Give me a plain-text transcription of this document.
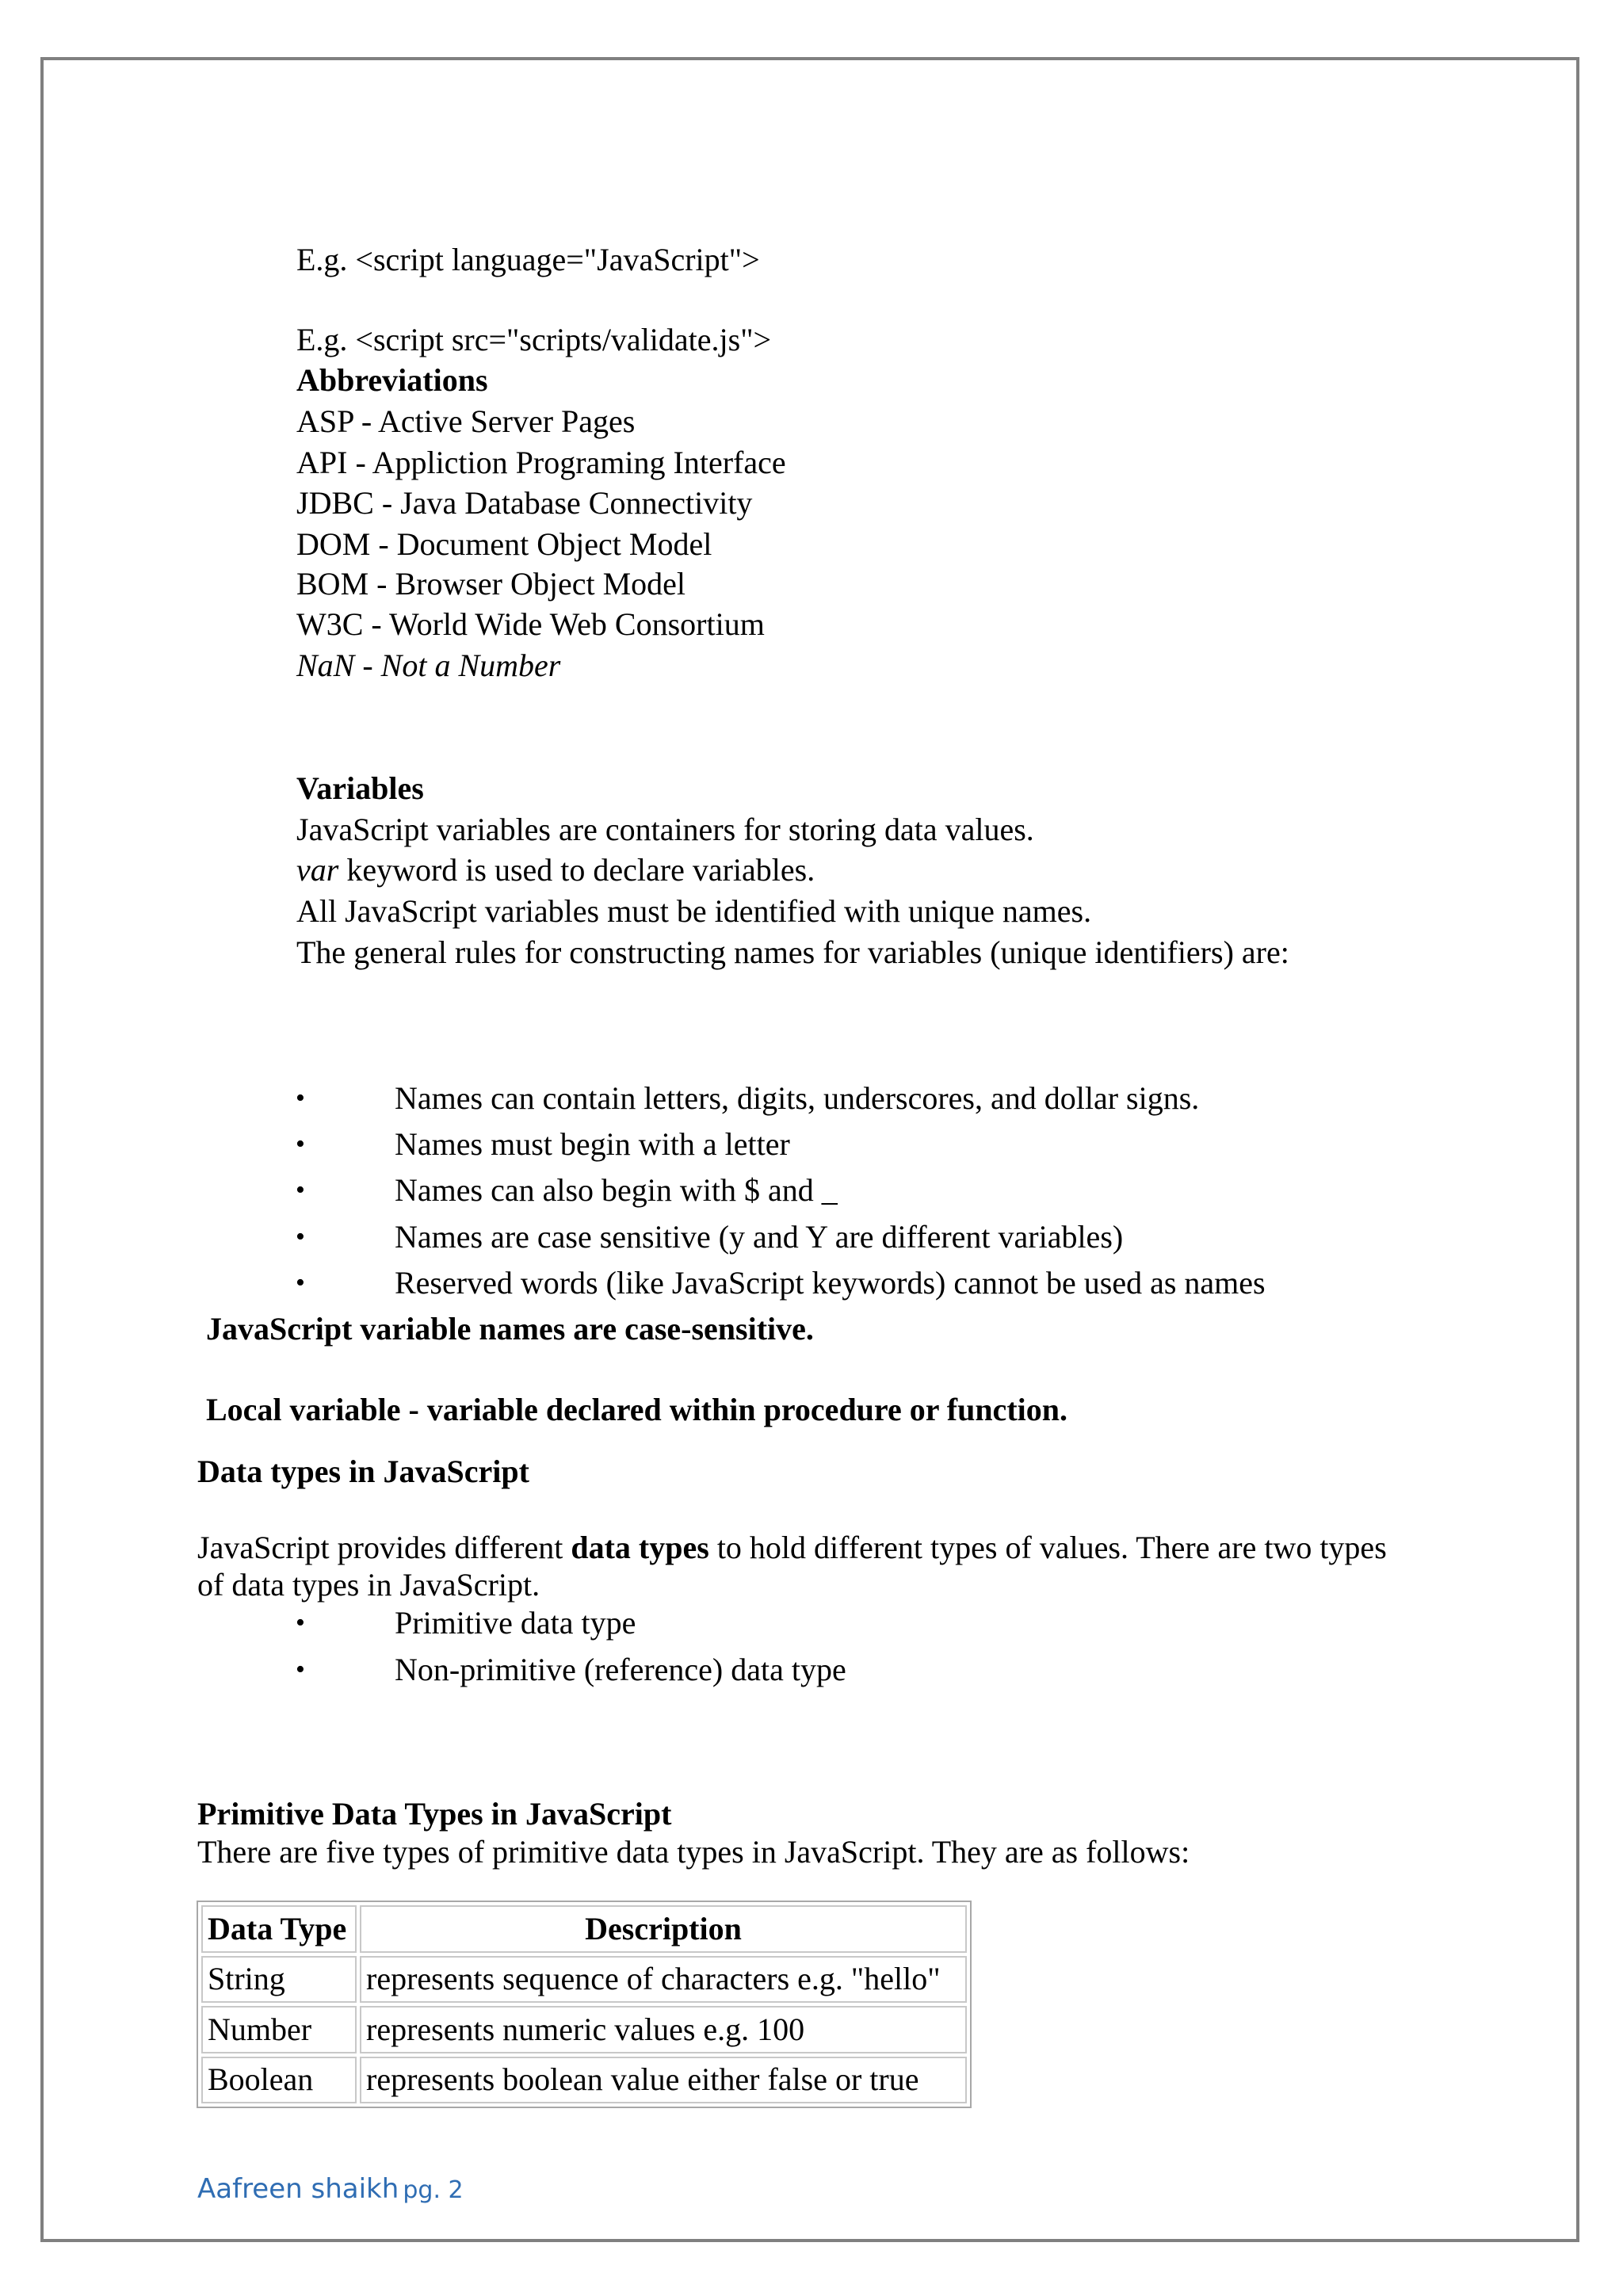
E.g. <script language="JavaScript">
E.g. <script src="scripts/validate.js">
Abbreviations
ASP - Active Server Pages
API - Appliction Programing Interface
JDBC - Java Database Connectivity
DOM - Document Object Model
BOM - Browser Object Model
W3C - World Wide Web Consortium
NaN - Not a Number
Variables
JavaScript variables are containers for storing data values.
var keyword is used to declare variables.
All JavaScript variables must be identified with unique names.
The general rules for constructing names for variables (unique identifiers) are:
•	Names can contain letters, digits, underscores, and dollar signs.
•	Names must begin with a letter
•	Names can also begin with $ and _
•	Names are case sensitive (y and Y are different variables)
•	Reserved words (like JavaScript keywords) cannot be used as names
JavaScript variable names are case-sensitive.
Local variable - variable declared within procedure or function.
Data types in JavaScript
JavaScript provides different data types to hold different types of values. There are two types
of data types in JavaScript.
•	Primitive data type
•	Non-primitive (reference) data type
Primitive Data Types in JavaScript
There are five types of primitive data types in JavaScript. They are as follows:
Data Type	Description
String	represents sequence of characters e.g. "hello"
Number	represents numeric values e.g. 100
Boolean	represents boolean value either false or true
Aafreen shaikh pg. 2
